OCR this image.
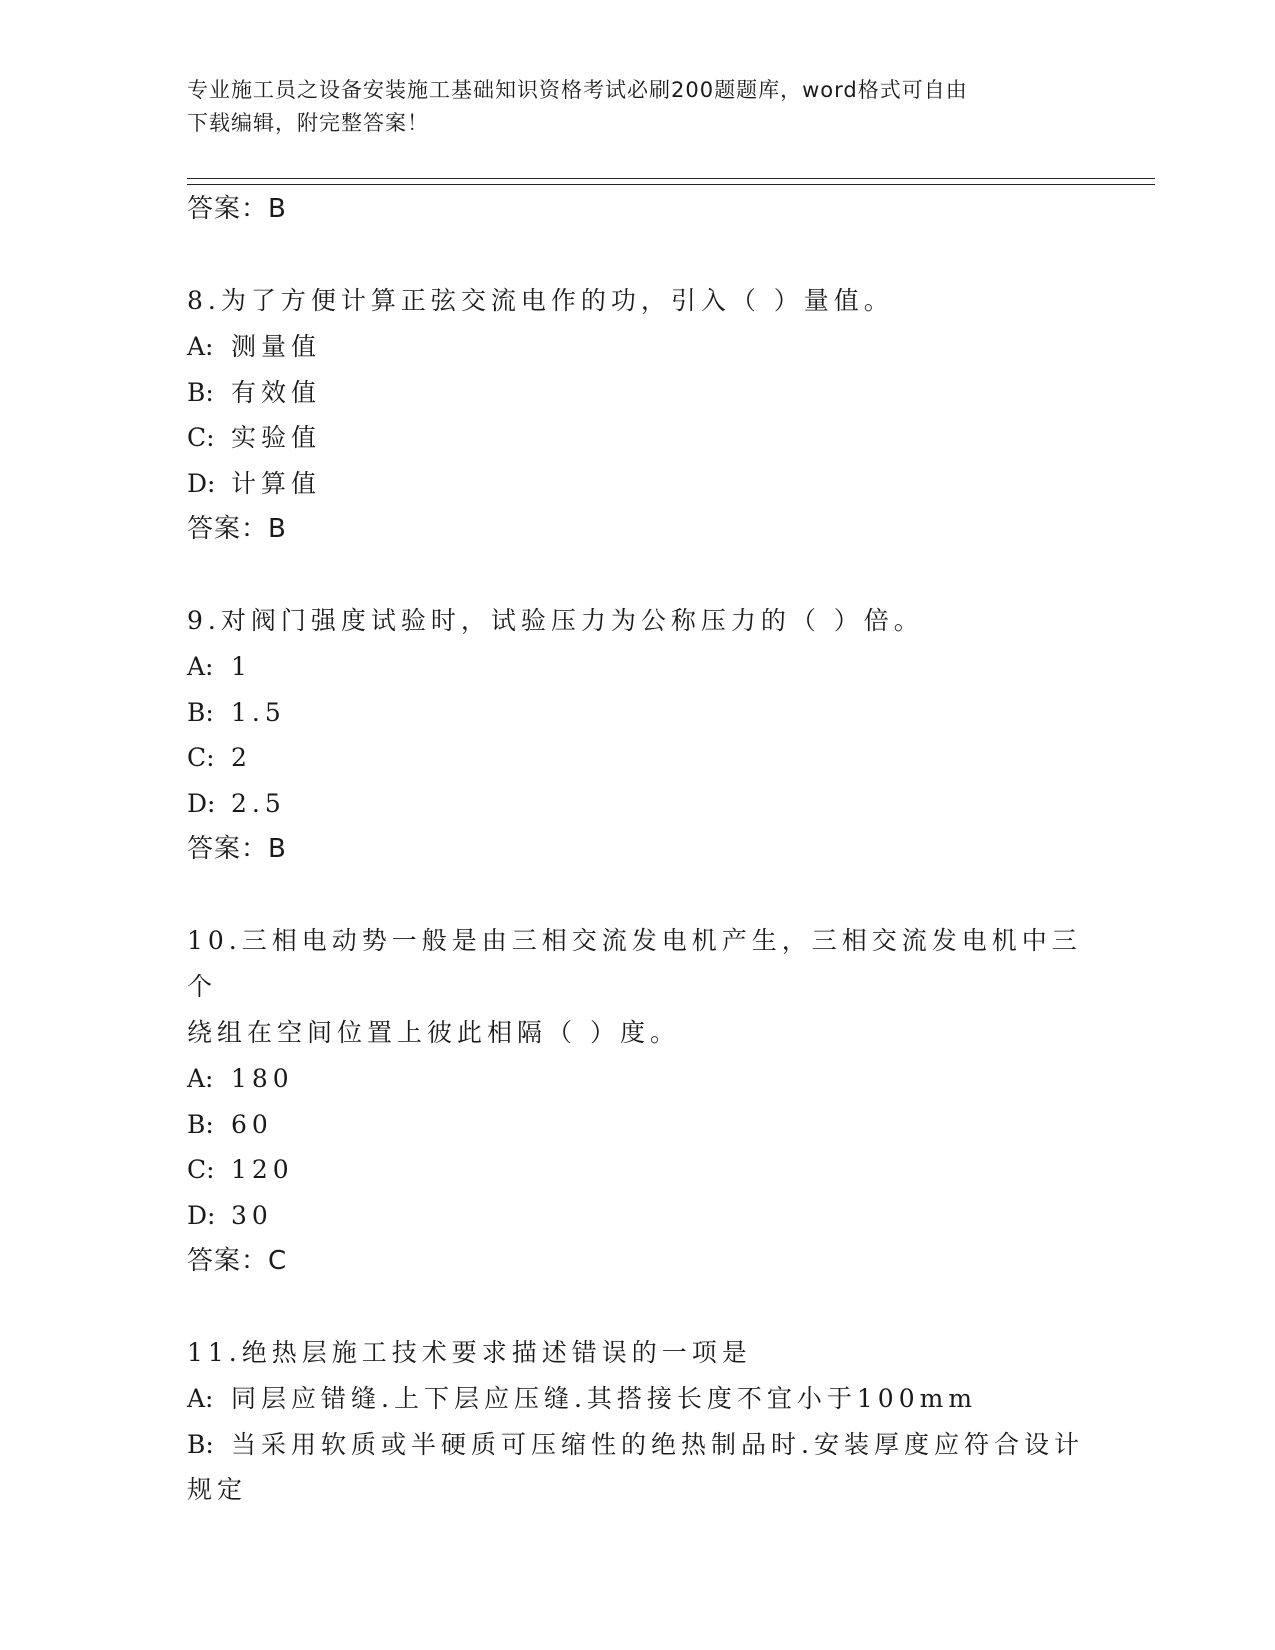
专业施工员之设备安装施工基础知识资格考试必刷200题题库，word格式可自由
下载编辑，附完整答案！
答案：B
8.为了方便计算正弦交流电作的功，引入（ ）量值。
A: 测量值
B: 有效值
C: 实验值
D: 计算值
答案：B
9.对阀门强度试验时，试验压力为公称压力的（ ）倍。
A: 1
B: 1.5
C: 2
D: 2.5
答案：B
10.三相电动势一般是由三相交流发电机产生，三相交流发电机中三个
绕组在空间位置上彼此相隔（ ）度。
A: 180
B: 60
C: 120
D: 30
答案：C
11.绝热层施工技术要求描述错误的一项是
A: 同层应错缝.上下层应压缝.其搭接长度不宜小于100mm
B: 当采用软质或半硬质可压缩性的绝热制品时.安装厚度应符合设计
规定
